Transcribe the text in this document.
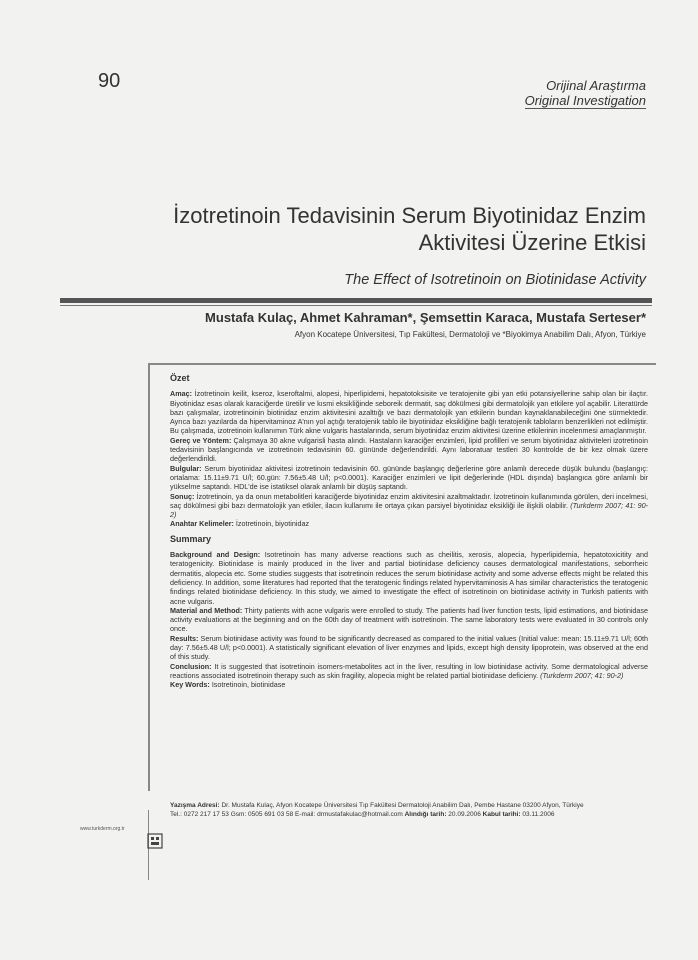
90	Orijinal Araştırma
Original Investigation
İzotretinoin Tedavisinin Serum Biyotinidaz Enzim
Aktivitesi Üzerine Etkisi
The Effect of Isotretinoin on Biotinidase Activity
Mustafa Kulaç, Ahmet Kahraman*, Şemsettin Karaca, Mustafa Serteser*
Afyon Kocatepe Üniversitesi, Tıp Fakültesi, Dermatoloji ve *Biyokimya Anabilim Dalı, Afyon, Türkiye
Özet

Amaç: İzotretinoin keilit, kseroz, kseroftalmi, alopesi, hiperlipidemi, hepatotoksisite ve teratojenite gibi yan etki potansiyellerine sahip olan bir ilaçtır. Biyotinidaz esas olarak karaciğerde üretilir ve kısmi eksikliğinde seboreik dermatit, saç dökülmesi gibi dermatolojik yan etkilere yol açabilir. Literatürde bazı çalışmalar, izotretinoinin biotinidaz enzim aktivitesini azalttığı ve bazı dermatolojik yan etkilerin bundan kaynaklanabileceğini öne sürmektedir. Ayrıca bazı yazılarda da hipervitaminoz A'nın yol açtığı teratojenik tablo ile biyotinidaz eksikliğine bağlı teratojenik tabloların benzerlikleri not edilmiştir. Bu çalışmada, izotretinoin kullanımın Türk akne vulgaris hastalarında, serum biyotinidaz enzim aktivitesi üzerine etkilerinin incelenmesi amaçlanmıştır.

Gereç ve Yöntem: Çalışmaya 30 akne vulgarisli hasta alındı. Hastaların karaciğer enzimleri, lipid profilleri ve serum biyotinidaz aktiviteleri izotretinoin tedavisinin başlangıcında ve izotretinoin tedavisinin 60. gününde değerlendirildi. Aynı laboratuar testleri 30 kontrolde de bir kez olmak üzere değerlendirildi.

Bulgular: Serum biyotinidaz aktivitesi izotretinoin tedavisinin 60. gününde başlangıç değerlerine göre anlamlı derecede düşük bulundu (başlangıç: ortalama: 15.11±9.71 U/l; 60.gün: 7.56±5.48 U/l; p<0.0001). Karaciğer enzimleri ve lipit değerlerinde (HDL dışında) başlangıca göre anlamlı bir yükselme saptandı. HDL'de ise istatiksel olarak anlamlı bir düşüş saptandı.

Sonuç: İzotretinoin, ya da onun metabolitleri karaciğerde biyotinidaz enzim aktivitesini azaltmaktadır. İzotretinoin kullanımında görülen, deri incelmesi, saç dökülmesi gibi bazı dermatolojik yan etkiler, ilacın kullanımı ile ortaya çıkan parsiyel biyotinidaz eksikliği ile ilişkili olabilir. (Turkderm 2007; 41: 90-2)

Anahtar Kelimeler: İzotretinoin, biyotinidaz

Summary

Background and Design: Isotretinoin has many adverse reactions such as cheilitis, xerosis, alopecia, hyperlipidemia, hepatotoxicitity and teratogenicity. Biotinidase is mainly produced in the liver and partial biotinidase deficiency causes dermatological manifestations, seborrheic dermatitis, alopecia etc. Some studies suggests that isotretinoin reduces the serum biotinidase activity and some adverse effects might be related this deficiency. In addition, some literatures had reported that the teratogenic findings related hypervitaminosis A has similar characteristics the teratogenic findings related biotinidase deficiency. In this study, we aimed to investigate the effect of isotretinoin on biotinidase activity in Turkish patients with acne vulgaris.

Material and Method: Thirty patients with acne vulgaris were enrolled to study. The patients had liver function tests, lipid estimations, and biotinidase activity evaluations at the beginning and on the 60th day of treatment with isotretinoin. The same laboratory tests were evaluated in 30 controls only once.

Results: Serum biotinidase activity was found to be significantly decreased as compared to the initial values (Initial value: mean: 15.11±9.71 U/l; 60th day: 7.56±5.48 U/l; p<0.0001). A statistically significant elevation of liver enzymes and lipids, except high density lipoprotein, was observed at the end of this study.

Conclusion: It is suggested that isotretinoin isomers-metabolites act in the liver, resulting in low biotinidase activity. Some dermatological adverse reactions associated isotretinoin therapy such as skin fragility, alopecia might be related partial biotinidase deficieny. (Turkderm 2007; 41: 90-2)

Key Words: Isotretinoin, biotinidase

Yazışma Adresi: Dr. Mustafa Kulaç, Afyon Kocatepe Üniversitesi Tıp Fakültesi Dermatoloji Anabilim Dalı, Pembe Hastane 03200 Afyon, Türkiye
Tel.: 0272 217 17 53 Gsm: 0505 691 03 58 E-mail: drmustafakulac@hotmail.com Alındığı tarih: 20.09.2006 Kabul tarihi: 03.11.2006
www.turkderm.org.tr
